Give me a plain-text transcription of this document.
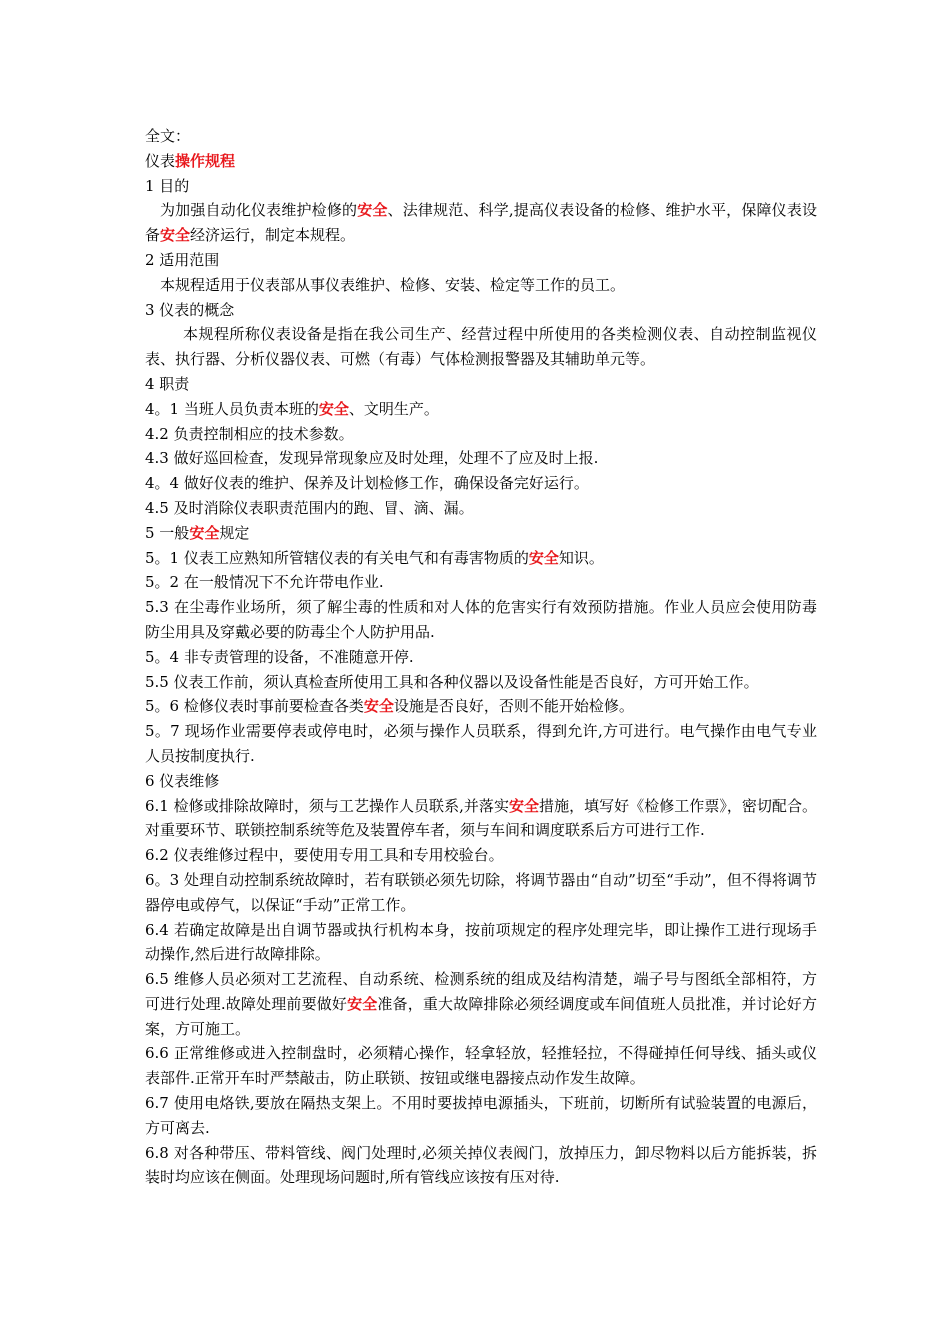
全文：
仪表操作规程
1 目的
为加强自动化仪表维护检修的安全、法律规范、科学,提高仪表设备的检修、维护水平，保障仪表设备安全经济运行，制定本规程。
2 适用范围
本规程适用于仪表部从事仪表维护、检修、安装、检定等工作的员工。
3 仪表的概念
本规程所称仪表设备是指在我公司生产、经营过程中所使用的各类检测仪表、自动控制监视仪表、执行器、分析仪器仪表、可燃（有毒）气体检测报警器及其辅助单元等。
4 职责
4。1 当班人员负责本班的安全、文明生产。
4.2 负责控制相应的技术参数。
4.3 做好巡回检查，发现异常现象应及时处理，处理不了应及时上报.
4。4 做好仪表的维护、保养及计划检修工作，确保设备完好运行。
4.5 及时消除仪表职责范围内的跑、冒、滴、漏。
5 一般安全规定
5。1 仪表工应熟知所管辖仪表的有关电气和有毒害物质的安全知识。
5。2 在一般情况下不允许带电作业.
5.3 在尘毒作业场所，须了解尘毒的性质和对人体的危害实行有效预防措施。作业人员应会使用防毒防尘用具及穿戴必要的防毒尘个人防护用品.
5。4 非专责管理的设备，不准随意开停.
5.5 仪表工作前，须认真检查所使用工具和各种仪器以及设备性能是否良好，方可开始工作。
5。6 检修仪表时事前要检查各类安全设施是否良好，否则不能开始检修。
5。7 现场作业需要停表或停电时，必须与操作人员联系，得到允许,方可进行。电气操作由电气专业人员按制度执行.
6 仪表维修
6.1 检修或排除故障时，须与工艺操作人员联系,并落实安全措施，填写好《检修工作票》，密切配合。对重要环节、联锁控制系统等危及装置停车者，须与车间和调度联系后方可进行工作.
6.2 仪表维修过程中，要使用专用工具和专用校验台。
6。3 处理自动控制系统故障时，若有联锁必须先切除，将调节器由“自动”切至“手动”，但不得将调节器停电或停气，以保证“手动”正常工作。
6.4 若确定故障是出自调节器或执行机构本身，按前项规定的程序处理完毕，即让操作工进行现场手动操作,然后进行故障排除。
6.5 维修人员必须对工艺流程、自动系统、检测系统的组成及结构清楚，端子号与图纸全部相符，方可进行处理.故障处理前要做好安全准备，重大故障排除必须经调度或车间值班人员批准，并讨论好方案，方可施工。
6.6 正常维修或进入控制盘时，必须精心操作，轻拿轻放，轻推轻拉，不得碰掉任何导线、插头或仪表部件.正常开车时严禁敲击，防止联锁、按钮或继电器接点动作发生故障。
6.7 使用电烙铁,要放在隔热支架上。不用时要拔掉电源插头，下班前，切断所有试验装置的电源后，方可离去.
6.8 对各种带压、带料管线、阀门处理时,必须关掉仪表阀门，放掉压力，卸尽物料以后方能拆装，拆装时均应该在侧面。处理现场问题时,所有管线应该按有压对待.
